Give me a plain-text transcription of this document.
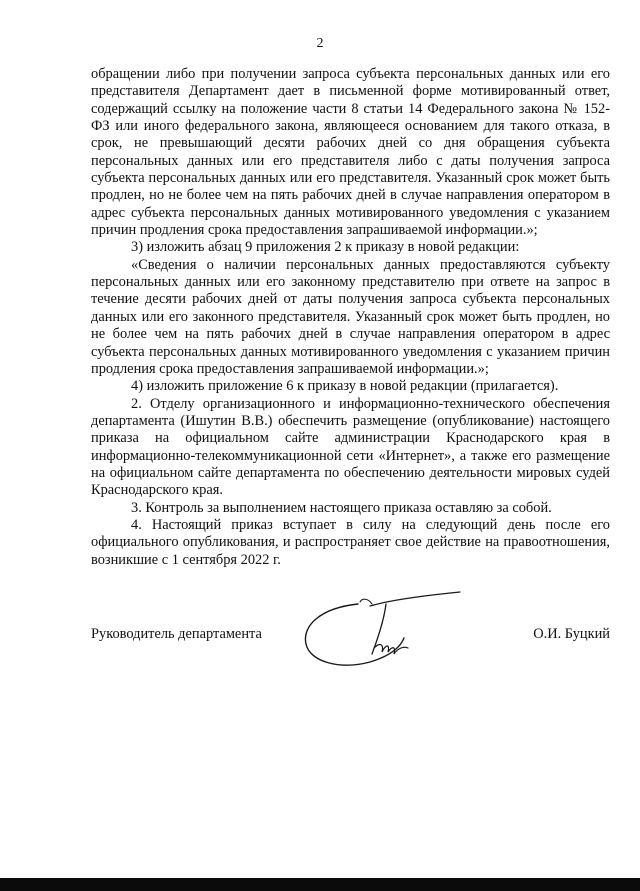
2

обращении либо при получении запроса субъекта персональных данных или его представителя Департамент дает в письменной форме мотивированный ответ, содержащий ссылку на положение части 8 статьи 14 Федерального закона № 152-ФЗ или иного федерального закона, являющееся основанием для такого отказа, в срок, не превышающий десяти рабочих дней со дня обращения субъекта персональных данных или его представителя либо с даты получения запроса субъекта персональных данных или его представителя. Указанный срок может быть продлен, но не более чем на пять рабочих дней в случае направления оператором в адрес субъекта персональных данных мотивированного уведомления с указанием причин продления срока предоставления запрашиваемой информации.»;

3) изложить абзац 9 приложения 2 к приказу в новой редакции:

«Сведения о наличии персональных данных предоставляются субъекту персональных данных или его законному представителю при ответе на запрос в течение десяти рабочих дней от даты получения запроса субъекта персональных данных или его законного представителя. Указанный срок может быть продлен, но не более чем на пять рабочих дней в случае направления оператором в адрес субъекта персональных данных мотивированного уведомления с указанием причин продления срока предоставления запрашиваемой информации.»;

4) изложить приложение 6 к приказу в новой редакции (прилагается).

2. Отделу организационного и информационно-технического обеспечения департамента (Ишутин В.В.) обеспечить размещение (опубликование) настоящего приказа на официальном сайте администрации Краснодарского края в информационно-телекоммуникационной сети «Интернет», а также его размещение на официальном сайте департамента по обеспечению деятельности мировых судей Краснодарского края.

3. Контроль за выполнением настоящего приказа оставляю за собой.

4. Настоящий приказ вступает в силу на следующий день после его официального опубликования, и распространяет свое действие на правоотношения, возникшие с 1 сентября 2022 г.

Руководитель департамента	О.И. Буцкий
